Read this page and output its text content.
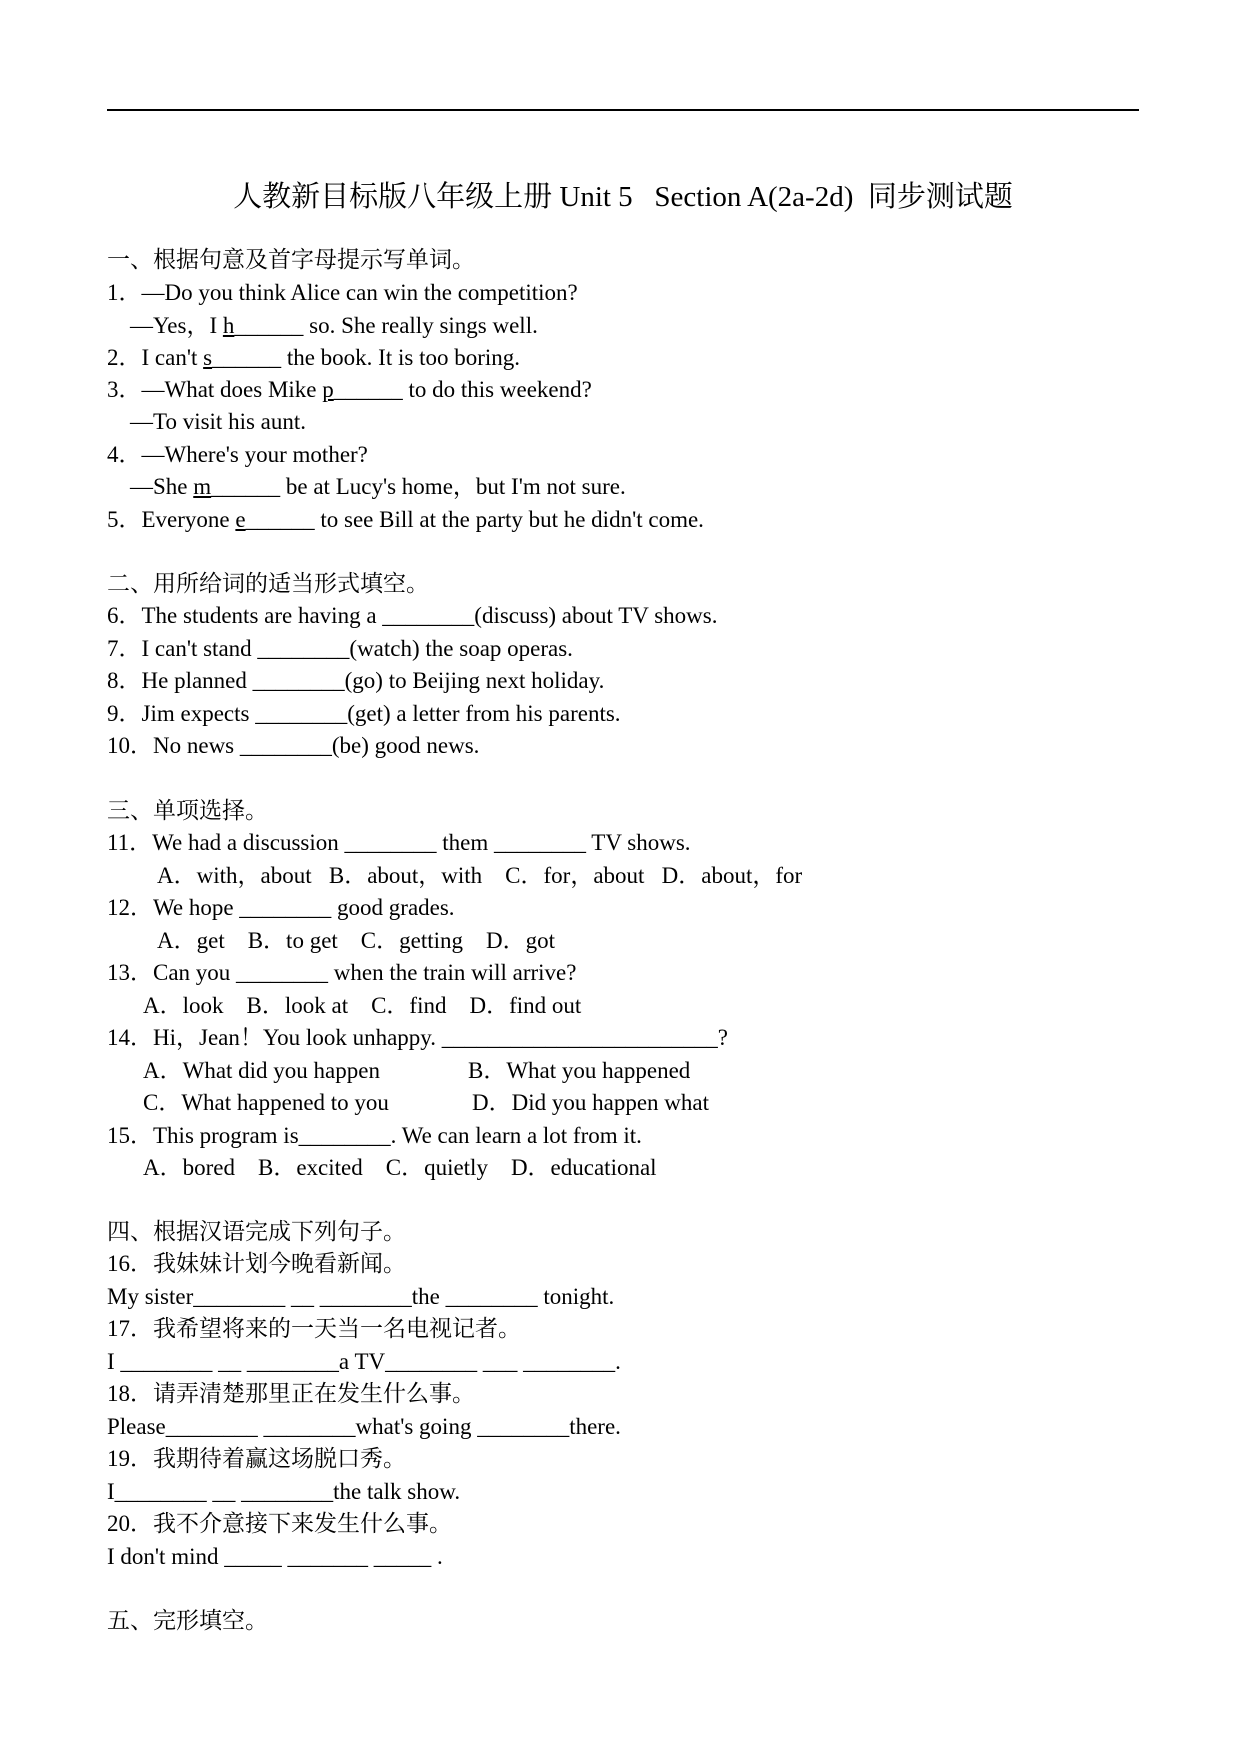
人教新目标版八年级上册 Unit 5   Section A(2a-2d)  同步测试题
一、根据句意及首字母提示写单词。
1．—Do you think Alice can win the competition?
—Yes，I h______ so. She really sings well.
2．I can't s______ the book. It is too boring.
3．—What does Mike p______ to do this weekend?
—To visit his aunt.
4．—Where's your mother?
—She m______ be at Lucy's home，but I'm not sure.
5．Everyone e______ to see Bill at the party but he didn't come.
二、用所给词的适当形式填空。
6．The students are having a ________(discuss) about TV shows.
7．I can't stand ________(watch) the soap operas.
8．He planned ________(go) to Beijing next holiday.
9．Jim expects ________(get) a letter from his parents.
10．No news ________(be) good news.
三、单项选择。
11．We had a discussion ________ them ________ TV shows.
A．with，about   B．about，with    C．for，about   D．about，for
12．We hope ________ good grades.
A．get    B．to get    C．getting    D．got
13．Can you ________ when the train will arrive?
A．look    B．look at    C．find    D．find out
14．Hi，Jean！You look unhappy. ________________________?
A．What did you happen	B．What you happened
C．What happened to you	D．Did you happen what
15．This program is________. We can learn a lot from it.
A．bored    B．excited    C．quietly    D．educational
四、根据汉语完成下列句子。
16．我妹妹计划今晚看新闻。
My sister________ __ ________the ________ tonight.
17．我希望将来的一天当一名电视记者。
I ________ __ ________a TV________ ___ ________.
18．请弄清楚那里正在发生什么事。
Please________ ________what's going ________there.
19．我期待着赢这场脱口秀。
I________ __ ________the talk show.
20．我不介意接下来发生什么事。
I don't mind _____ _______ _____ .
五、完形填空。
